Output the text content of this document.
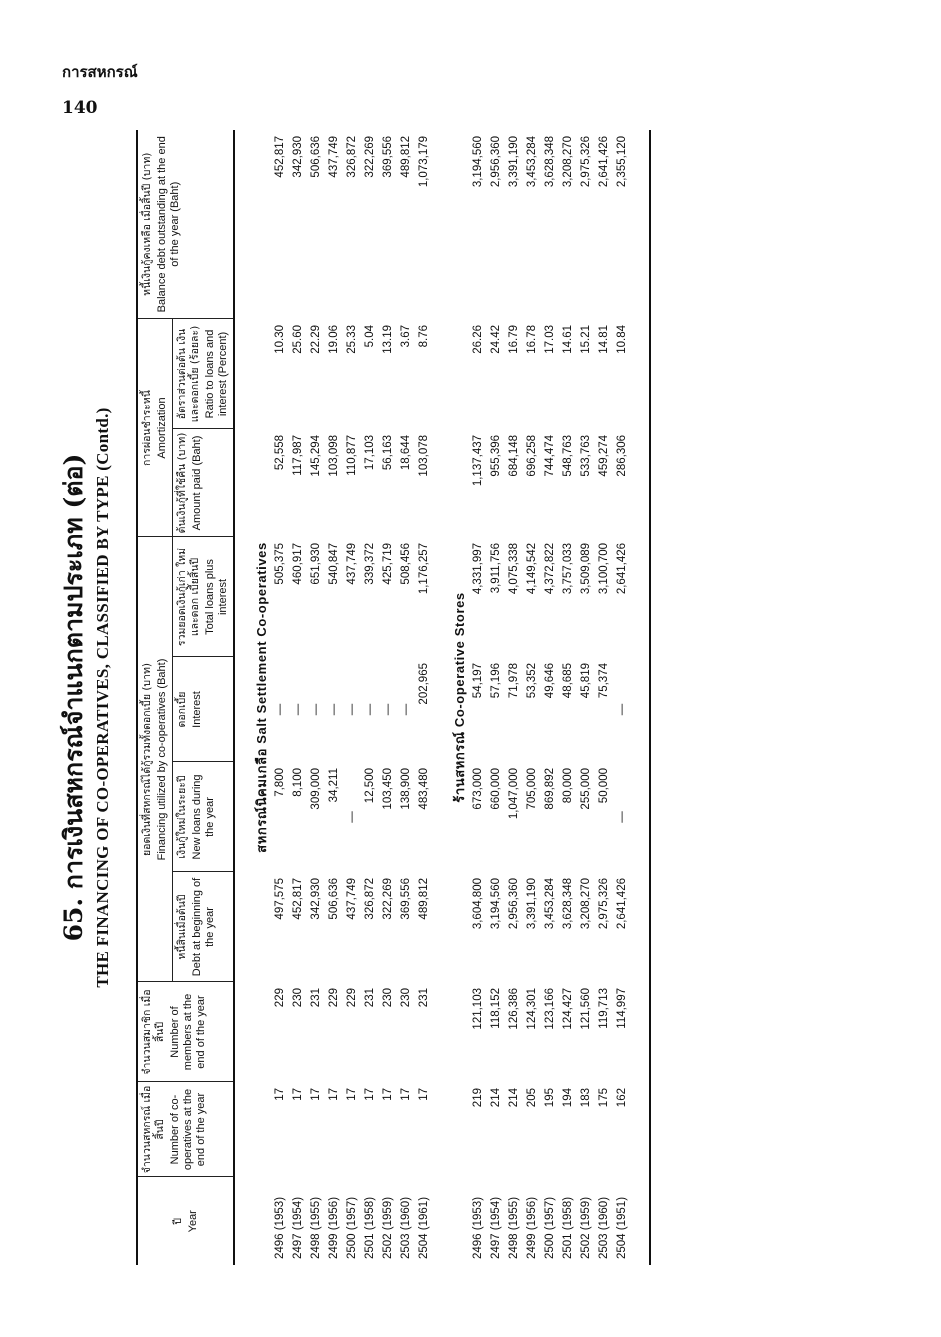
การสหกรณ์
140
65. การเงินสหกรณ์จำแนกตามประเภท (ต่อ) THE FINANCING OF CO-OPERATIVES, CLASSIFIED BY TYPE (Contd.)
ปี Year	จำนวนสหกรณ์ เมื่อสิ้นปี Number of co-operatives at the end of the year	จำนวนสมาชิก เมื่อสิ้นปี Number of members at the end of the year	ยอดเงินที่สหกรณ์ได้กู้รวมทั้งดอกเบี้ย (บาท) Financing utilized by co-operatives (Baht)				การผ่อนชำระหนี้ Amortization		หนี้เงินกู้คงเหลือ เมื่อสิ้นปี (บาท) Balance debt outstanding at the end of the year (Baht)

			หนี้สินเมื่อต้นปี Debt at beginning of the year	เงินกู้ใหม่ในระยะปี New loans during the year	ดอกเบี้ย Interest	รวมยอดเงินกู้เก่า ใหม่และดอก เบี้ยสิ้นปี Total loans plus interest	ต้นเงินกู้ที่ใช้คืน (บาท) Amount paid (Baht)	อัตราส่วนต่อต้น เงินและดอกเบี้ย (ร้อยละ) Ratio to loans and interest (Percent)	

สหกรณ์นิคมเกลือ Salt Settlement Co-operatives									
2496 (1953)	17	229	497,575	7,800	—	505,375	52,558	10.30	452,817
2497 (1954)	17	230	452,817	8,100	—	460,917	117,987	25.60	342,930
2498 (1955)	17	231	342,930	309,000	—	651,930	145,294	22.29	506,636
2499 (1956)	17	229	506,636	34,211	—	540,847	103,098	19.06	437,749
2500 (1957)	17	229	437,749	—	—	437,749	110,877	25.33	326,872
2501 (1958)	17	231	326,872	12,500	—	339,372	17,103	5.04	322,269
2502 (1959)	17	230	322,269	103,450	—	425,719	56,163	13.19	369,556
2503 (1960)	17	230	369,556	138,900	—	508,456	18,644	3.67	489,812
2504 (1961)	17	231	489,812	483,480	202,965	1,176,257	103,078	8.76	1,073,179

ร้านสหกรณ์ Co-operative Stores									
2496 (1953)	219	121,103	3,604,800	673,000	54,197	4,331,997	1,137,437	26.26	3,194,560
2497 (1954)	214	118,152	3,194,560	660,000	57,196	3,911,756	955,396	24.42	2,956,360
2498 (1955)	214	126,386	2,956,360	1,047,000	71,978	4,075,338	684,148	16.79	3,391,190
2499 (1956)	205	124,301	3,391,190	705,000	53,352	4,149,542	696,258	16.78	3,453,284
2500 (1957)	195	123,166	3,453,284	869,892	49,646	4,372,822	744,474	17.03	3,628,348
2501 (1958)	194	124,427	3,628,348	80,000	48,685	3,757,033	548,763	14.61	3,208,270
2502 (1959)	183	121,560	3,208,270	255,000	45,819	3,509,089	533,763	15.21	2,975,326
2503 (1960)	175	119,713	2,975,326	50,000	75,374	3,100,700	459,274	14.81	2,641,426
2504 (1951)	162	114,997	2,641,426	—	—	2,641,426	286,306	10.84	2,355,120
